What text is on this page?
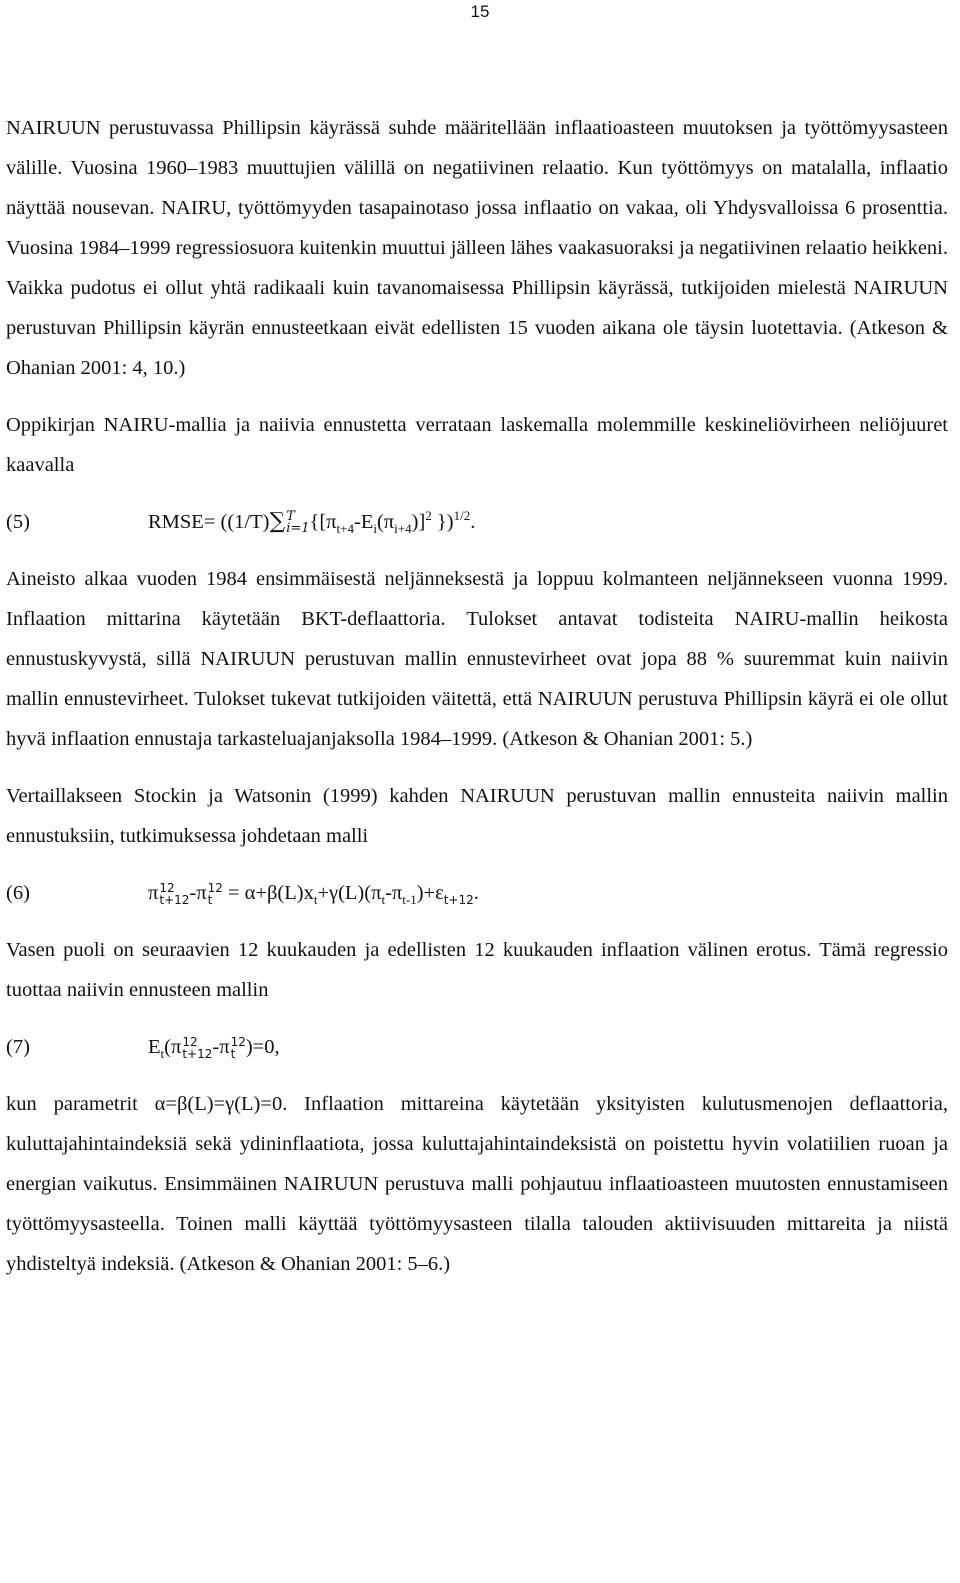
15

NAIRUUN perustuvassa Phillipsin käyrässä suhde määritellään inflaatioasteen muutoksen ja työttömyysasteen välille. Vuosina 1960–1983 muuttujien välillä on negatiivinen relaatio. Kun työttömyys on matalalla, inflaatio näyttää nousevan. NAIRU, työttömyyden tasapainotaso jossa inflaatio on vakaa, oli Yhdysvalloissa 6 prosenttia. Vuosina 1984–1999 regressiosuora kuitenkin muuttui jälleen lähes vaakasuoraksi ja negatiivinen relaatio heikkeni. Vaikka pudotus ei ollut yhtä radikaali kuin tavanomaisessa Phillipsin käyrässä, tutkijoiden mielestä NAIRUUN perustuvan Phillipsin käyrän ennusteetkaan eivät edellisten 15 vuoden aikana ole täysin luotettavia. (Atkeson & Ohanian 2001: 4, 10.)

Oppikirjan NAIRU-mallia ja naiivia ennustetta verrataan laskemalla molemmille keskineliövirheen neliöjuuret kaavalla

(5)	RMSE= ((1/T)∑ T
i=1 {$[\pi_{t+4}-E_i(\pi_{i+4})]^2$ })$^{1/2}$.

Aineisto alkaa vuoden 1984 ensimmäisestä neljänneksestä ja loppuu kolmanteen neljännekseen vuonna 1999. Inflaation mittarina käytetään BKT-deflaattoria. Tulokset antavat todisteita NAIRU-mallin heikosta ennustuskyvystä, sillä NAIRUUN perustuvan mallin ennustevirheet ovat jopa 88 % suuremmat kuin naiivin mallin ennustevirheet. Tulokset tukevat tutkijoiden väitettä, että NAIRUUN perustuva Phillipsin käyrä ei ole ollut hyvä inflaation ennustaja tarkasteluajanjaksolla 1984–1999. (Atkeson & Ohanian 2001: 5.)

Vertaillakseen Stockin ja Watsonin (1999) kahden NAIRUUN perustuvan mallin ennusteita naiivin mallin ennustuksiin, tutkimuksessa johdetaan malli

(6)	π 12
t+12 -π 12
$t = \alpha+\beta(L)x_t+\gamma(L)(\pi_t-\pi_{t-1})+\varepsilon_{t+12}$.

Vasen puoli on seuraavien 12 kuukauden ja edellisten 12 kuukauden inflaation välinen erotus. Tämä regressio tuottaa naiivin ennusteen mallin

(7)	$E_t(\pi$ 12
t+12 -π 12
t )=0,

kun parametrit α=β(L)=γ(L)=0. Inflaation mittareina käytetään yksityisten kulutusmenojen deflaattoria, kuluttajahintaindeksiä sekä ydininflaatiota, jossa kuluttajahintaindeksistä on poistettu hyvin volatiilien ruoan ja energian vaikutus. Ensimmäinen NAIRUUN perustuva malli pohjautuu inflaatioasteen muutosten ennustamiseen työttömyysasteella. Toinen malli käyttää työttömyysasteen tilalla talouden aktiivisuuden mittareita ja niistä yhdisteltyä indeksiä. (Atkeson & Ohanian 2001: 5–6.)
